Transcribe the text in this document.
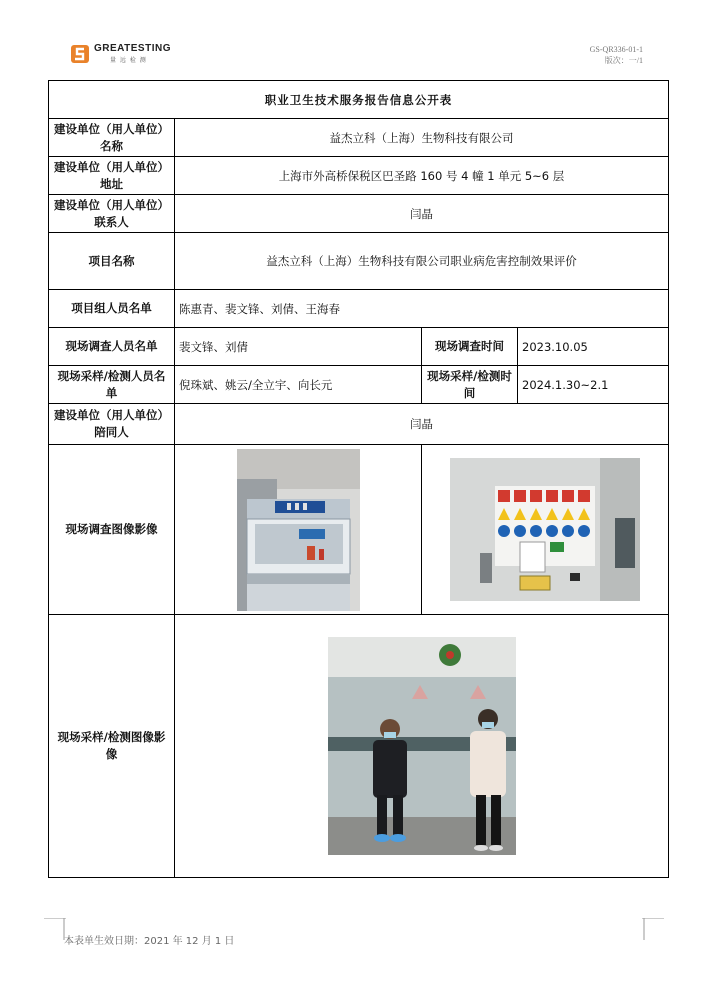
GREATESTING
量 远 检 测
GS-QR336-01-1
版次：一/1
职业卫生技术服务报告信息公开表			
建设单位（用人单位）名称	益杰立科（上海）生物科技有限公司		
建设单位（用人单位）地址	上海市外高桥保税区巴圣路 160 号 4 幢 1 单元 5~6 层		
建设单位（用人单位）联系人	闫晶		
项目名称	益杰立科（上海）生物科技有限公司职业病危害控制效果评价		
项目组人员名单	陈惠青、裴文锋、刘倩、王海春		
现场调查人员名单	裴文锋、刘倩	现场调查时间	2023.10.05
现场采样/检测人员名单	倪珠斌、姚云/全立宇、向长元	现场采样/检测时间	2024.1.30~2.1
建设单位（用人单位）陪同人	闫晶		
现场调查图像影像	

现场采样/检测图像影像	
本表单生效日期：2021 年 12 月 1 日
